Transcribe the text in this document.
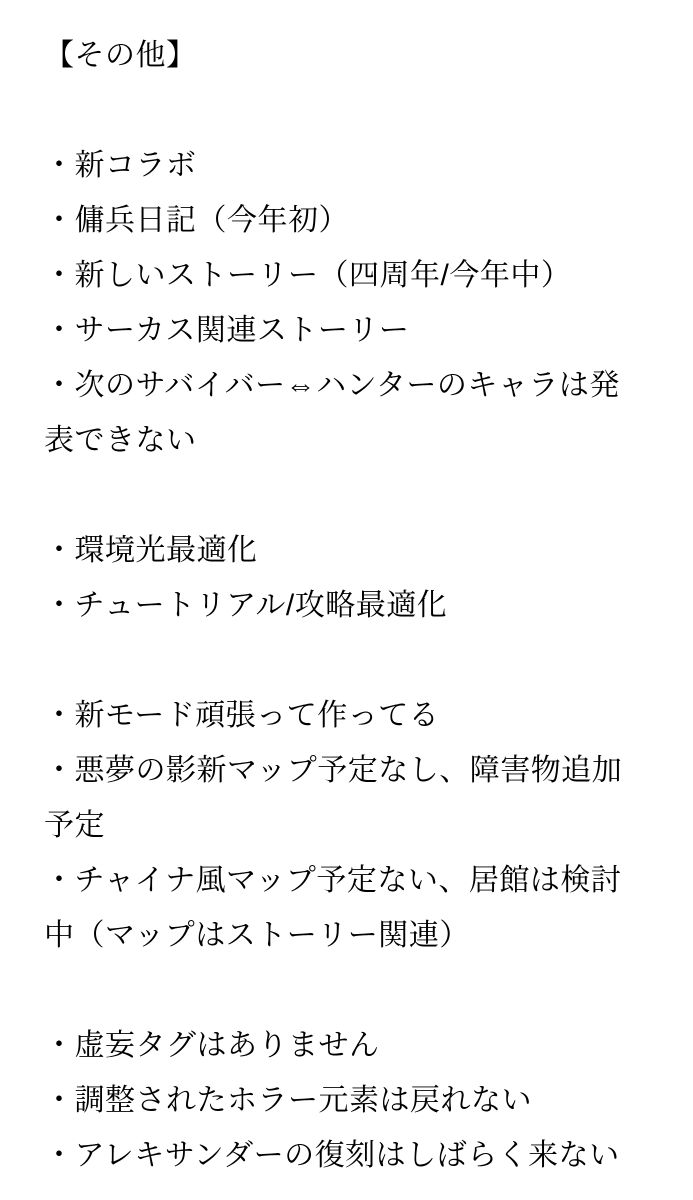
【その他】
・新コラボ
・傭兵日記（今年初）
・新しいストーリー（四周年/今年中）
・サーカス関連ストーリー
・次のサバイバー⇔ハンターのキャラは発
表できない
・環境光最適化
・チュートリアル/攻略最適化
・新モード頑張って作ってる
・悪夢の影新マップ予定なし、障害物追加
予定
・チャイナ風マップ予定ない、居館は検討
中（マップはストーリー関連）
・虚妄タグはありません
・調整されたホラー元素は戻れない
・アレキサンダーの復刻はしばらく来ない
